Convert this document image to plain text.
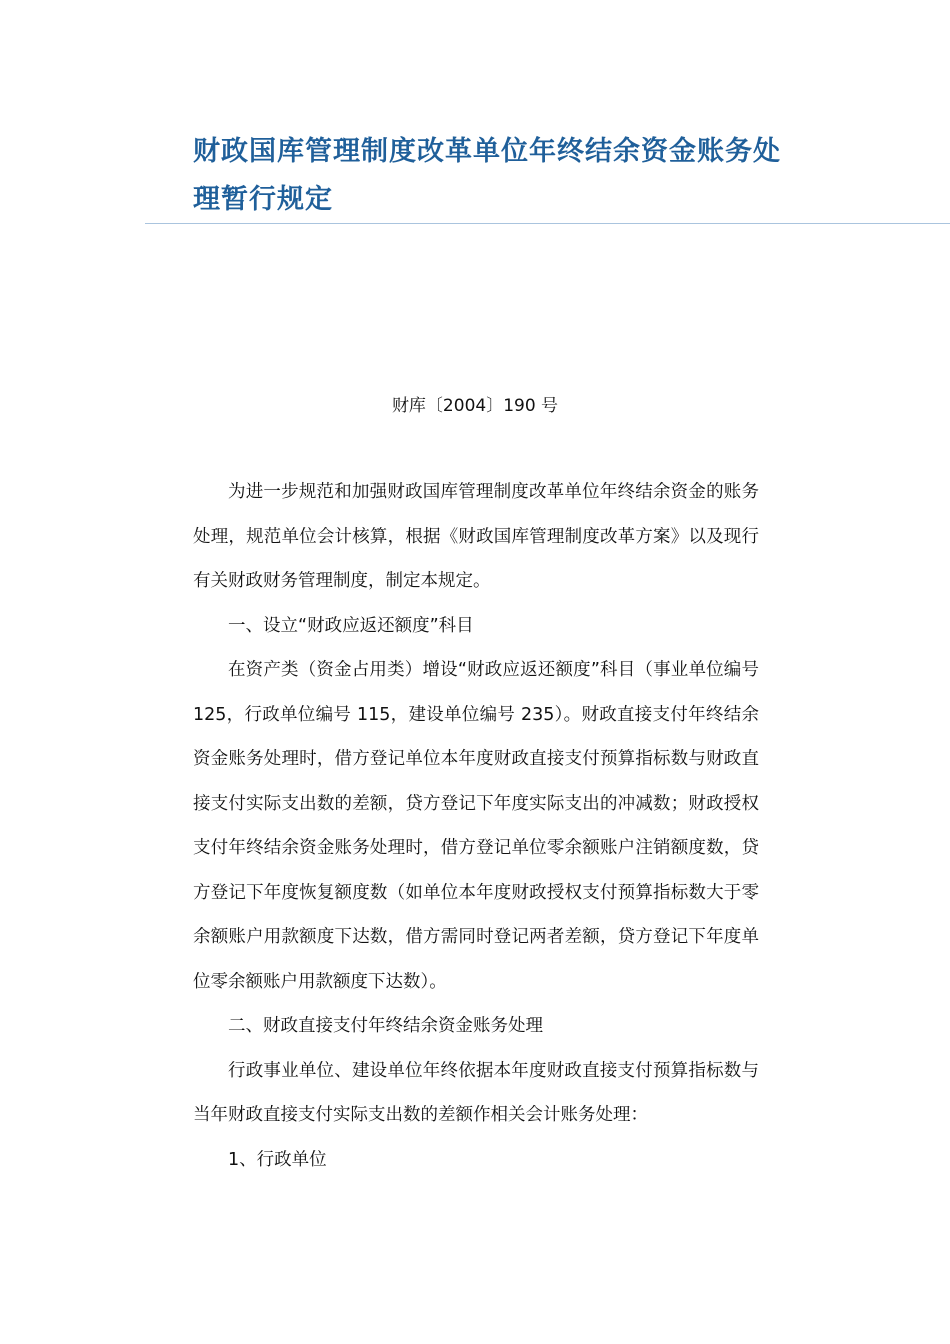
财政国库管理制度改革单位年终结余资金账务处理暂行规定
财库〔2004〕190 号

为进一步规范和加强财政国库管理制度改革单位年终结余资金的账务处理，规范单位会计核算，根据《财政国库管理制度改革方案》以及现行有关财政财务管理制度，制定本规定。

一、设立“财政应返还额度”科目

在资产类（资金占用类）增设“财政应返还额度”科目（事业单位编号 125，行政单位编号 115，建设单位编号 235）。财政直接支付年终结余资金账务处理时，借方登记单位本年度财政直接支付预算指标数与财政直接支付实际支出数的差额，贷方登记下年度实际支出的冲减数；财政授权支付年终结余资金账务处理时，借方登记单位零余额账户注销额度数，贷方登记下年度恢复额度数（如单位本年度财政授权支付预算指标数大于零余额账户用款额度下达数，借方需同时登记两者差额，贷方登记下年度单位零余额账户用款额度下达数）。

二、财政直接支付年终结余资金账务处理

行政事业单位、建设单位年终依据本年度财政直接支付预算指标数与当年财政直接支付实际支出数的差额作相关会计账务处理：

1、行政单位
